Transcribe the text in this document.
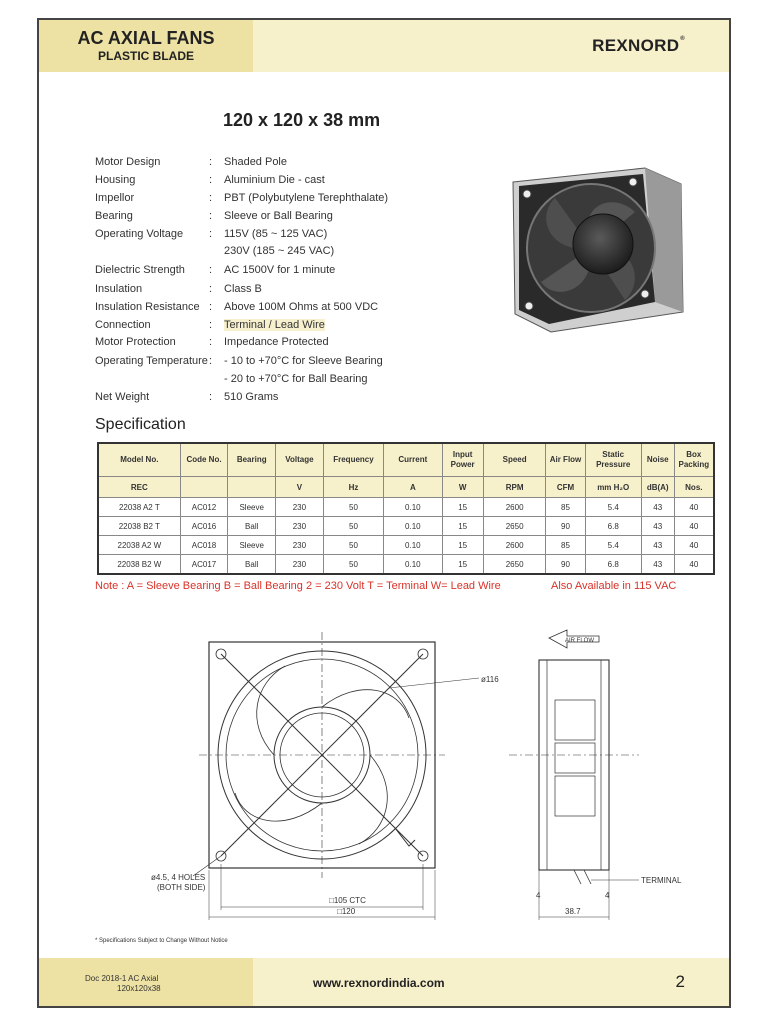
AC AXIAL FANS
PLASTIC BLADE
REXNORD®
120 x 120 x 38 mm
Motor Design	: Shaded Pole
Housing	: Aluminium Die - cast
Impellor	: PBT (Polybutylene Terephthalate)
Bearing	: Sleeve or Ball Bearing
Operating Voltage	: 115V (85 ~ 125 VAC)
230V (185 ~ 245 VAC)
Dielectric Strength	: AC 1500V for 1 minute
Insulation	: Class B
Insulation Resistance : Above 100M Ohms at 500 VDC
Connection	: Terminal / Lead Wire
Motor Protection	: Impedance Protected
Operating Temperature : - 10 to +70°C for Sleeve Bearing
- 20 to +70°C for Ball Bearing
Net Weight	: 510 Grams
Specification
Model No.	Code No.	Bearing	Voltage	Frequency	Current	Input Power	Speed	Air Flow	Static Pressure	Noise	Box Packing
REC			V	Hz	A	W	RPM	CFM	mm H₂O	dB(A)	Nos.
22038 A2 T	AC012	Sleeve	230	50	0.10	15	2600	85	5.4	43	40
22038 B2 T	AC016	Ball	230	50	0.10	15	2650	90	6.8	43	40
22038 A2 W	AC018	Sleeve	230	50	0.10	15	2600	85	5.4	43	40
22038 B2 W	AC017	Ball	230	50	0.10	15	2650	90	6.8	43	40
Note : A = Sleeve Bearing B = Ball Bearing 2 = 230 Volt T = Terminal W= Lead Wire	Also Available in 115 VAC
ø116
ø4.5, 4 HOLES
(BOTH SIDE)
□105 CTC
□120
AIR FLOW
TERMINAL
38.7
4	4
* Specifications Subject to Change Without Notice
Doc 2018-1 AC Axial
120x120x38	www.rexnordindia.com	2
